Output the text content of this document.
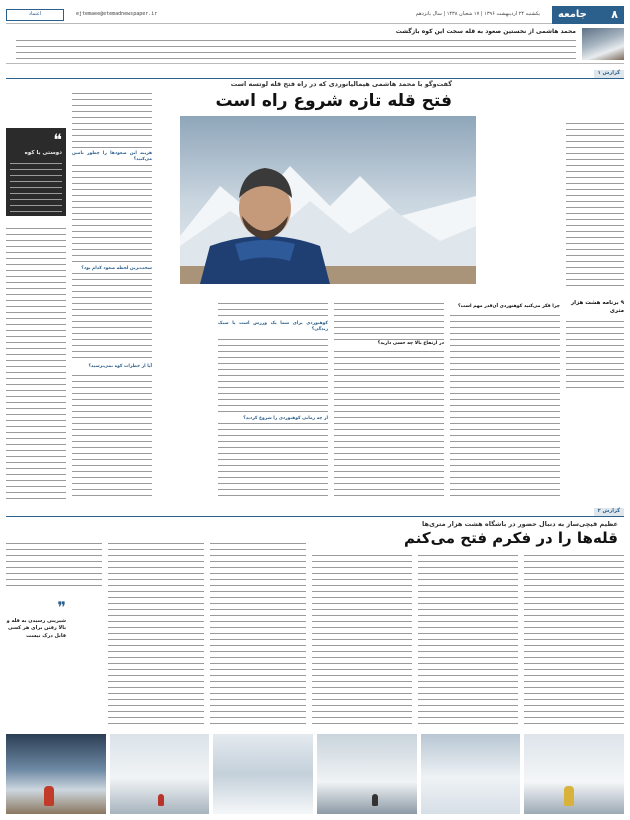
۸
جامعه
یکشنبه ۲۴ اردیبهشت ۱۳۹۶ | ۱۷ شعبان ۱۴۳۸ | سال پانزدهم
ejtemaee@etemadnewspaper.ir
اعتماد
محمد هاشمی از نخستین صعود به قله سخت این کوه بازگشت
گزارش ۱
گفت‌و‌گو با محمد هاشمی هیمالیانوردی که در راه فتح قله لوتسه است
فتح قله تازه شروع راه است
❝
دوستی با کوه
چرا فکر می‌کنید کوهنوردی آن‌قدر مهم است؟
در ارتفاع بالا چه حسی دارید؟
کوهنوردی برای شما یک ورزش است یا سبک زندگی؟
از چه زمانی کوهنوردی را شروع کردید؟
هزینه این صعودها را چطور تامین می‌کنید؟
سخت‌ترین لحظه صعود کدام بود؟
آیا از خطرات کوه نمی‌ترسید؟
۹ برنامه هشت هزار متری
گزارش ۲
عظیم قیچی‌ساز به دنبال حضور در باشگاه هشت هزار متری‌ها
قله‌ها را در فکرم فتح می‌کنم
❞
شیرینی رسیدن به قله و بالا رفتن برای هر کسی قابل درک نیست
